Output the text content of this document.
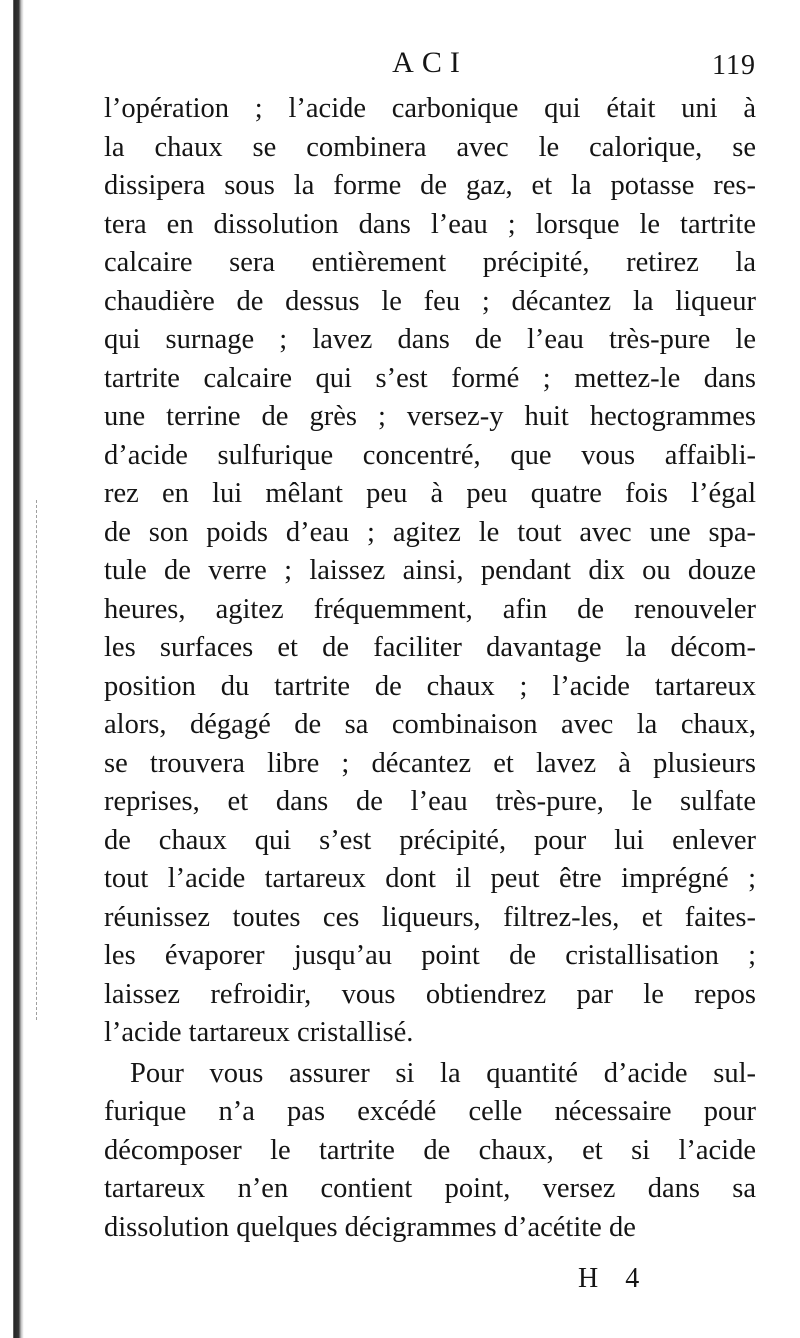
ACI	119
l’opération ; l’acide carbonique qui était uni à
la chaux se combinera avec le calorique, se
dissipera sous la forme de gaz, et la potasse res-
tera en dissolution dans l’eau ; lorsque le tartrite
calcaire sera entièrement précipité, retirez la
chaudière de dessus le feu ; décantez la liqueur
qui surnage ; lavez dans de l’eau très-pure le
tartrite calcaire qui s’est formé ; mettez-le dans
une terrine de grès ; versez-y huit hectogrammes
d’acide sulfurique concentré, que vous affaibli-
rez en lui mêlant peu à peu quatre fois l’égal
de son poids d’eau ; agitez le tout avec une spa-
tule de verre ; laissez ainsi, pendant dix ou douze
heures, agitez fréquemment, afin de renouveler
les surfaces et de faciliter davantage la décom-
position du tartrite de chaux ; l’acide tartareux
alors, dégagé de sa combinaison avec la chaux,
se trouvera libre ; décantez et lavez à plusieurs
reprises, et dans de l’eau très-pure, le sulfate
de chaux qui s’est précipité, pour lui enlever
tout l’acide tartareux dont il peut être imprégné ;
réunissez toutes ces liqueurs, filtrez-les, et faites-
les évaporer jusqu’au point de cristallisation ;
laissez refroidir, vous obtiendrez par le repos
l’acide tartareux cristallisé.
Pour vous assurer si la quantité d’acide sul-
furique n’a pas excédé celle nécessaire pour
décomposer le tartrite de chaux, et si l’acide
tartareux n’en contient point, versez dans sa
dissolution quelques décigrammes d’acétite de
H 4
